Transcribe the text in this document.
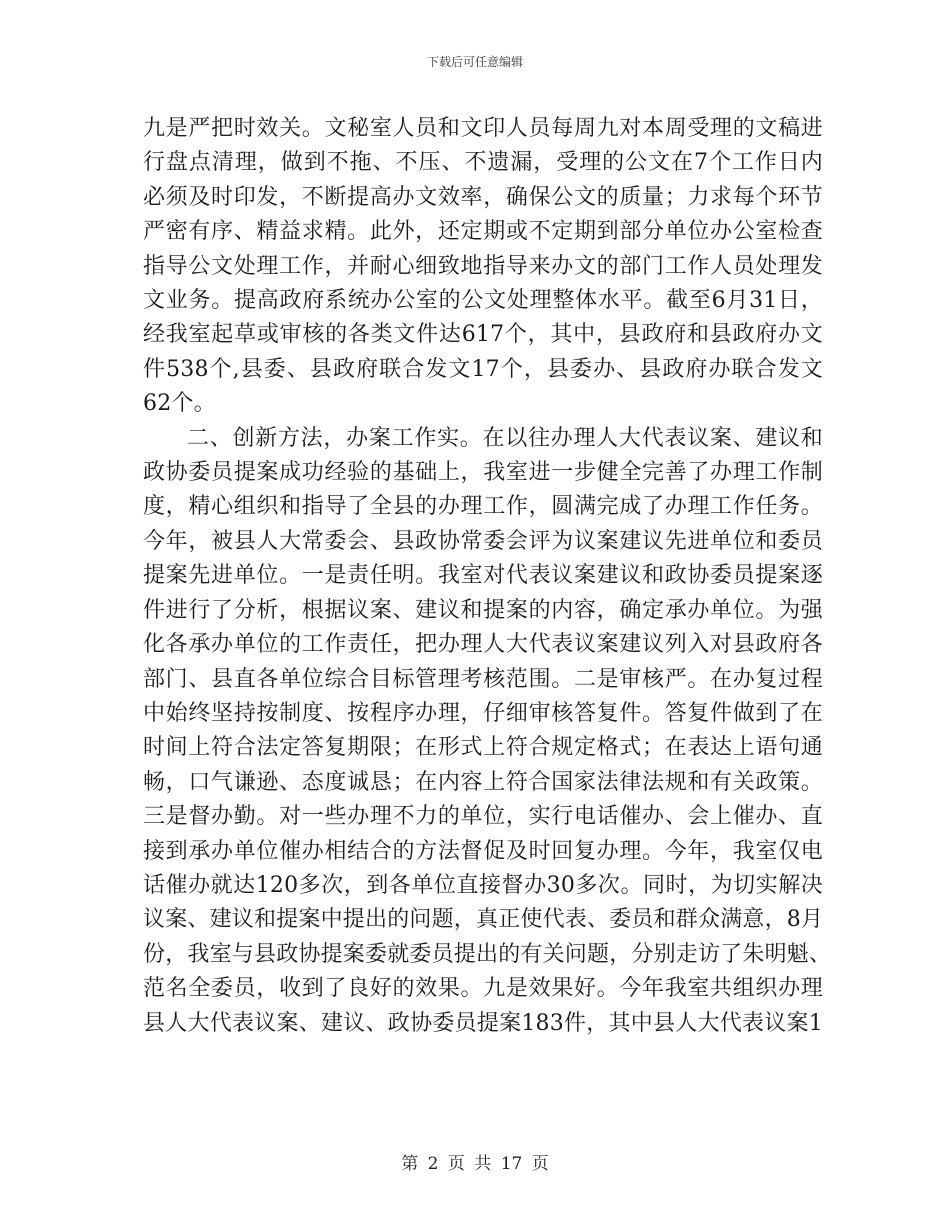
下载后可任意编辑
九是严把时效关。文秘室人员和文印人员每周九对本周受理的文稿进
行盘点清理，做到不拖、不压、不遗漏，受理的公文在7个工作日内
必须及时印发，不断提高办文效率，确保公文的质量；力求每个环节
严密有序、精益求精。此外，还定期或不定期到部分单位办公室检查
指导公文处理工作，并耐心细致地指导来办文的部门工作人员处理发
文业务。提高政府系统办公室的公文处理整体水平。截至6月31日，
经我室起草或审核的各类文件达617个，其中，县政府和县政府办文
件538个,县委、县政府联合发文17个，县委办、县政府办联合发文
62个。
二、创新方法，办案工作实。在以往办理人大代表议案、建议和
政协委员提案成功经验的基础上，我室进一步健全完善了办理工作制
度，精心组织和指导了全县的办理工作，圆满完成了办理工作任务。
今年，被县人大常委会、县政协常委会评为议案建议先进单位和委员
提案先进单位。一是责任明。我室对代表议案建议和政协委员提案逐
件进行了分析，根据议案、建议和提案的内容，确定承办单位。为强
化各承办单位的工作责任，把办理人大代表议案建议列入对县政府各
部门、县直各单位综合目标管理考核范围。二是审核严。在办复过程
中始终坚持按制度、按程序办理，仔细审核答复件。答复件做到了在
时间上符合法定答复期限；在形式上符合规定格式；在表达上语句通
畅，口气谦逊、态度诚恳；在内容上符合国家法律法规和有关政策。
三是督办勤。对一些办理不力的单位，实行电话催办、会上催办、直
接到承办单位催办相结合的方法督促及时回复办理。今年，我室仅电
话催办就达120多次，到各单位直接督办30多次。同时，为切实解决
议案、建议和提案中提出的问题，真正使代表、委员和群众满意，8月
份，我室与县政协提案委就委员提出的有关问题，分别走访了朱明魁、
范名全委员，收到了良好的效果。九是效果好。今年我室共组织办理
县人大代表议案、建议、政协委员提案183件，其中县人大代表议案1
第 2 页 共 17 页
